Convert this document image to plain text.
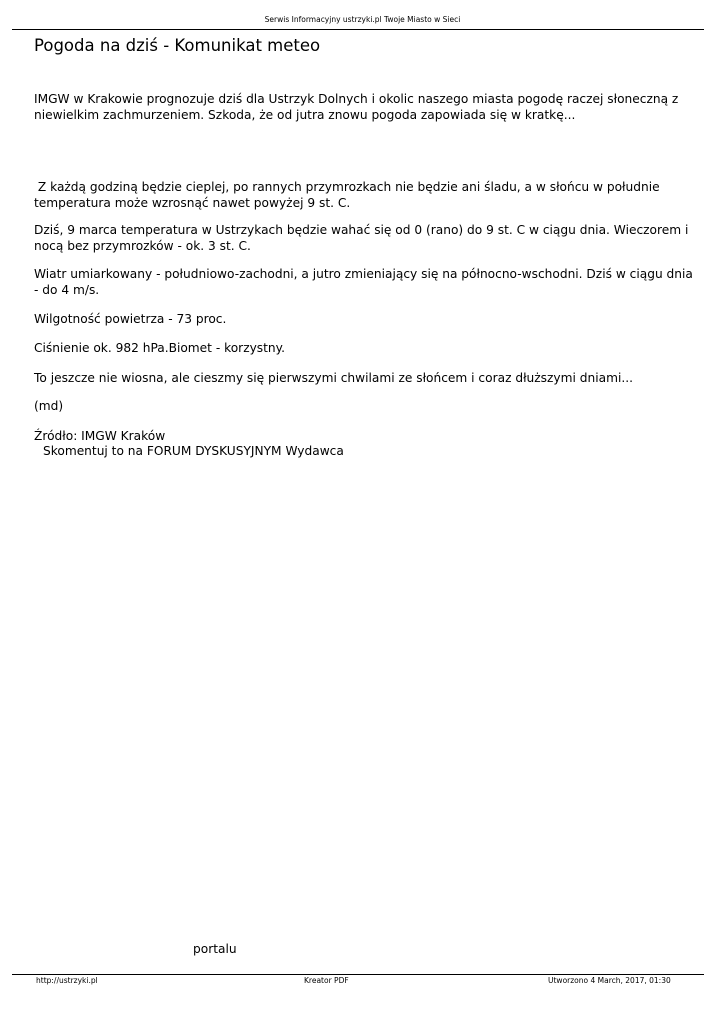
Serwis Informacyjny ustrzyki.pl Twoje Miasto w Sieci
Pogoda na dziś - Komunikat meteo

IMGW w Krakowie prognozuje dziś dla Ustrzyk Dolnych i okolic naszego miasta pogodę raczej słoneczną z niewielkim zachmurzeniem. Szkoda, że od jutra znowu pogoda zapowiada się w kratkę...

Z każdą godziną będzie cieplej, po rannych przymrozkach nie będzie ani śladu, a w słońcu w południe temperatura może wzrosnąć nawet powyżej 9 st. C.

Dziś, 9 marca temperatura w Ustrzykach będzie wahać się od 0 (rano) do 9 st. C w ciągu dnia. Wieczorem i nocą bez przymrozków - ok. 3 st. C.

Wiatr umiarkowany - południowo-zachodni, a jutro zmieniający się na północno-wschodni. Dziś w ciągu dnia - do 4 m/s.

Wilgotność powietrza - 73 proc.

Ciśnienie ok. 982 hPa.Biomet - korzystny.

To jeszcze nie wiosna, ale cieszmy się pierwszymi chwilami ze słońcem i coraz dłuższymi dniami...

(md)

Źródło: IMGW Kraków

Skomentuj to na FORUM DYSKUSYJNYM Wydawca

portalu
http://ustrzyki.pl	Kreator PDF	Utworzono 4 March, 2017, 01:30
